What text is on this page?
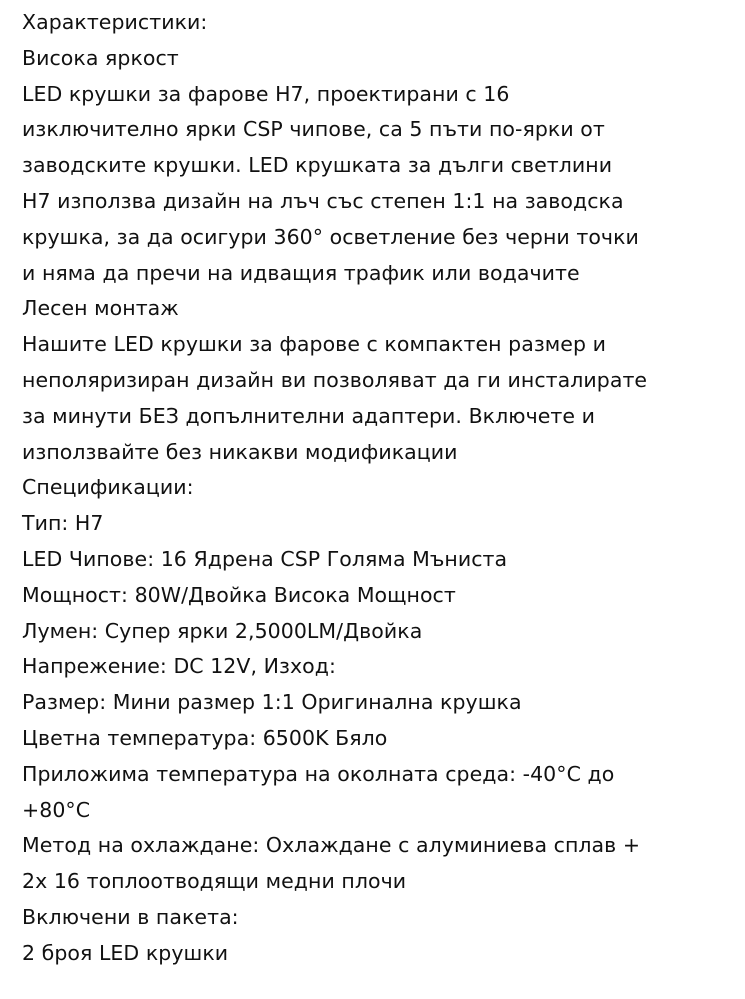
Характеристики:
Висока яркост
LED крушки за фарове H7, проектирани с 16
изключително ярки CSP чипове, са 5 пъти по-ярки от
заводските крушки. LED крушката за дълги светлини
H7 използва дизайн на лъч със степен 1:1 на заводска
крушка, за да осигури 360° осветление без черни точки
и няма да пречи на идващия трафик или водачите
Лесен монтаж
Нашите LED крушки за фарове с компактен размер и
неполяризиран дизайн ви позволяват да ги инсталирате
за минути БЕЗ допълнителни адаптери. Включете и
използвайте без никакви модификации
Спецификации:
Тип: H7
LED Чипове: 16 Ядрена CSP Голяма Мъниста
Мощност: 80W/Двойка Висока Мощност
Лумен: Супер ярки 2,5000LM/Двойка
Напрежение: DC 12V, Изход:
Размер: Мини размер 1:1 Оригинална крушка
Цветна температура: 6500K Бяло
Приложима температура на околната среда: -40°C до
+80°C
Метод на охлаждане: Охлаждане с алуминиева сплав +
2x 16 топлоотводящи медни плочи
Включени в пакета:
2 броя LED крушки
